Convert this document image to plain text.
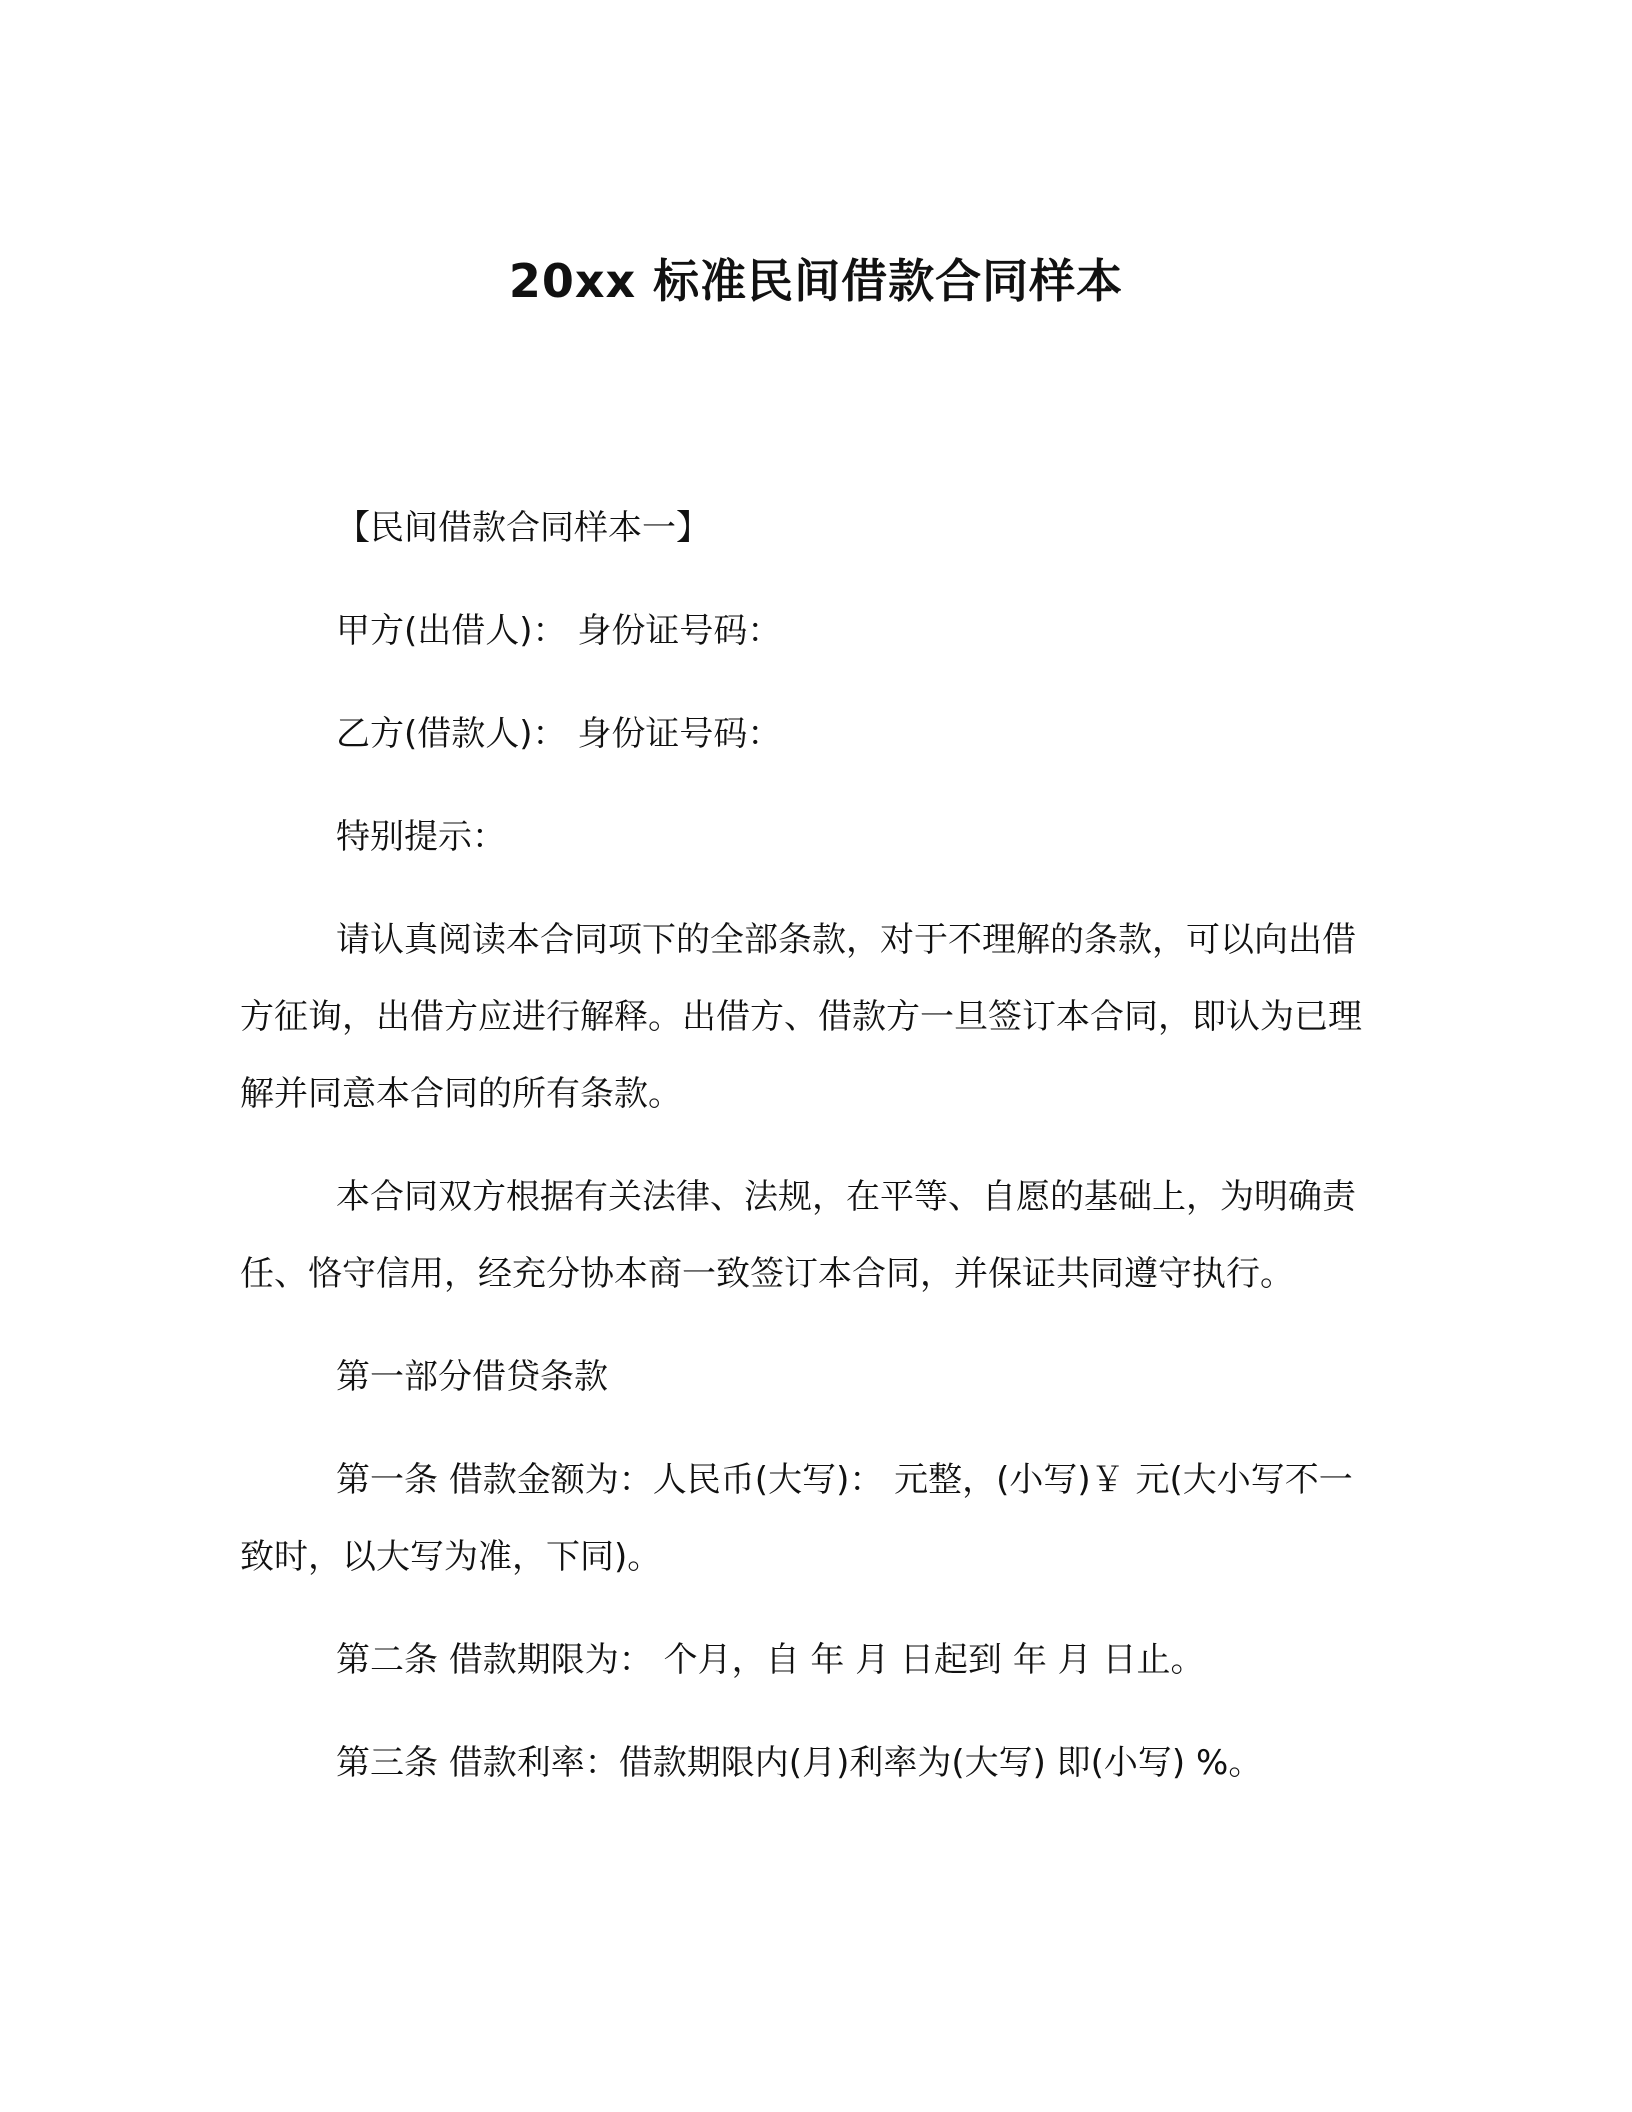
20xx 标准民间借款合同样本

【民间借款合同样本一】

甲方(出借人)： 身份证号码：

乙方(借款人)： 身份证号码：

特别提示：

请认真阅读本合同项下的全部条款，对于不理解的条款，可以向出借方征询，出借方应进行解释。出借方、借款方一旦签订本合同，即认为已理解并同意本合同的所有条款。

本合同双方根据有关法律、法规，在平等、自愿的基础上，为明确责任、恪守信用，经充分协本商一致签订本合同，并保证共同遵守执行。

第一部分借贷条款

第一条 借款金额为：人民币(大写)： 元整，(小写)￥ 元(大小写不一致时，以大写为准，下同)。

第二条 借款期限为： 个月，自 年 月 日起到 年 月 日止。

第三条 借款利率：借款期限内(月)利率为(大写) 即(小写) %。
